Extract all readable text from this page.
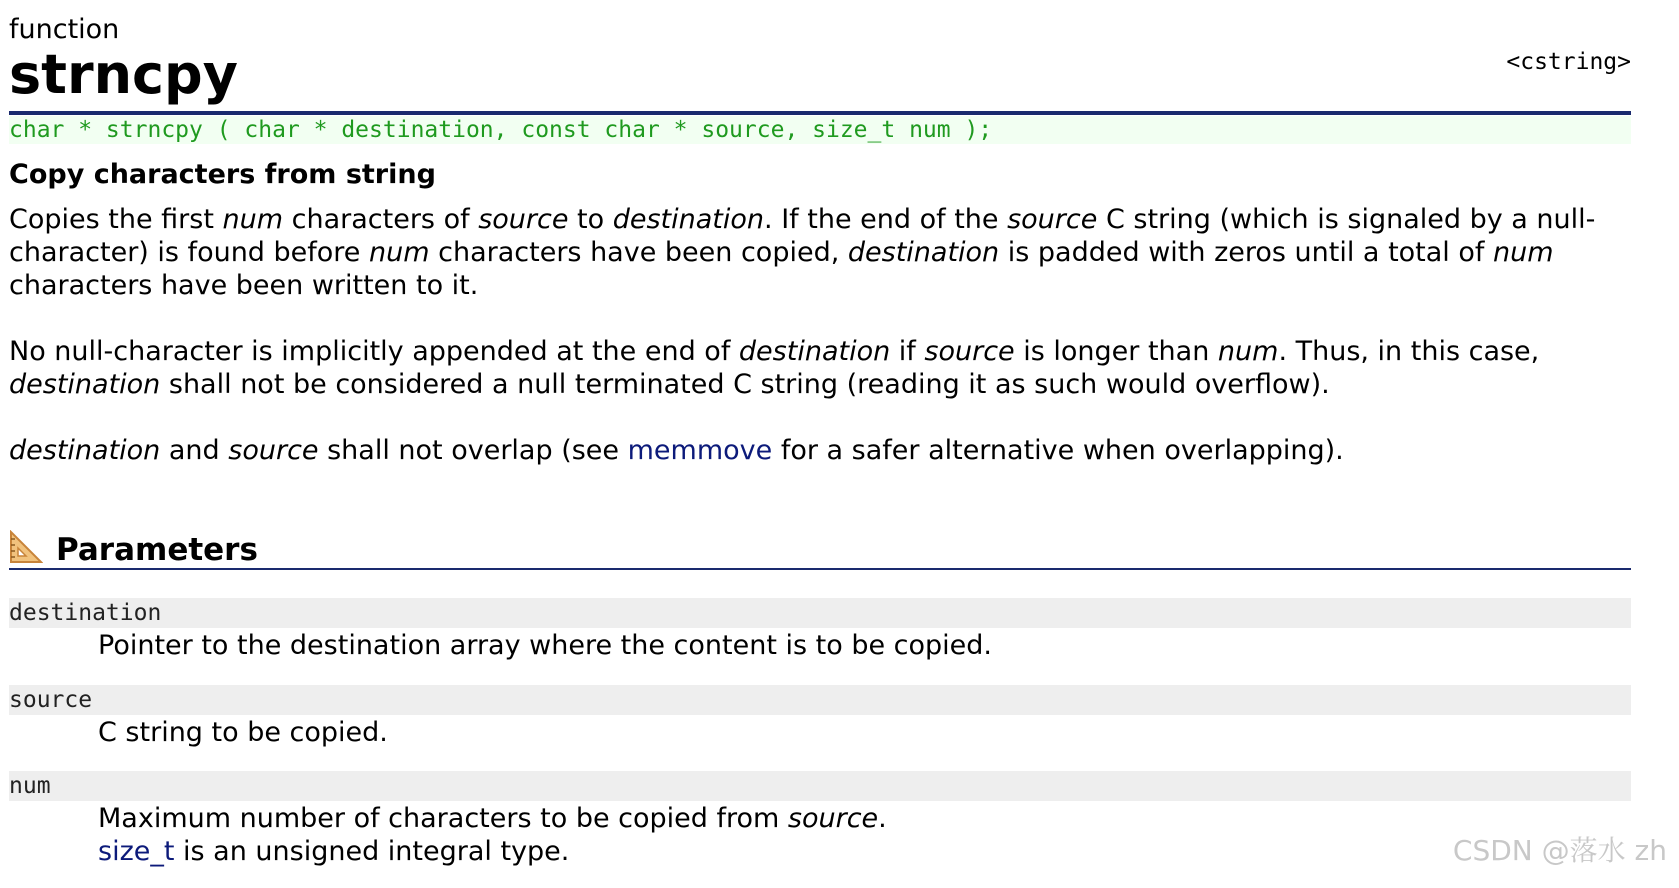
function
strncpy	<cstring>
char * strncpy ( char * destination, const char * source, size_t num );
Copy characters from string
Copies the first num characters of source to destination. If the end of the source C string (which is signaled by a null-character) is found before num characters have been copied, destination is padded with zeros until a total of num characters have been written to it.
No null-character is implicitly appended at the end of destination if source is longer than num. Thus, in this case, destination shall not be considered a null terminated C string (reading it as such would overflow).
destination and source shall not overlap (see memmove for a safer alternative when overlapping).
Parameters
destination
Pointer to the destination array where the content is to be copied.
source
C string to be copied.
num
Maximum number of characters to be copied from source.
size_t is an unsigned integral type.	CSDN @落水 zh
